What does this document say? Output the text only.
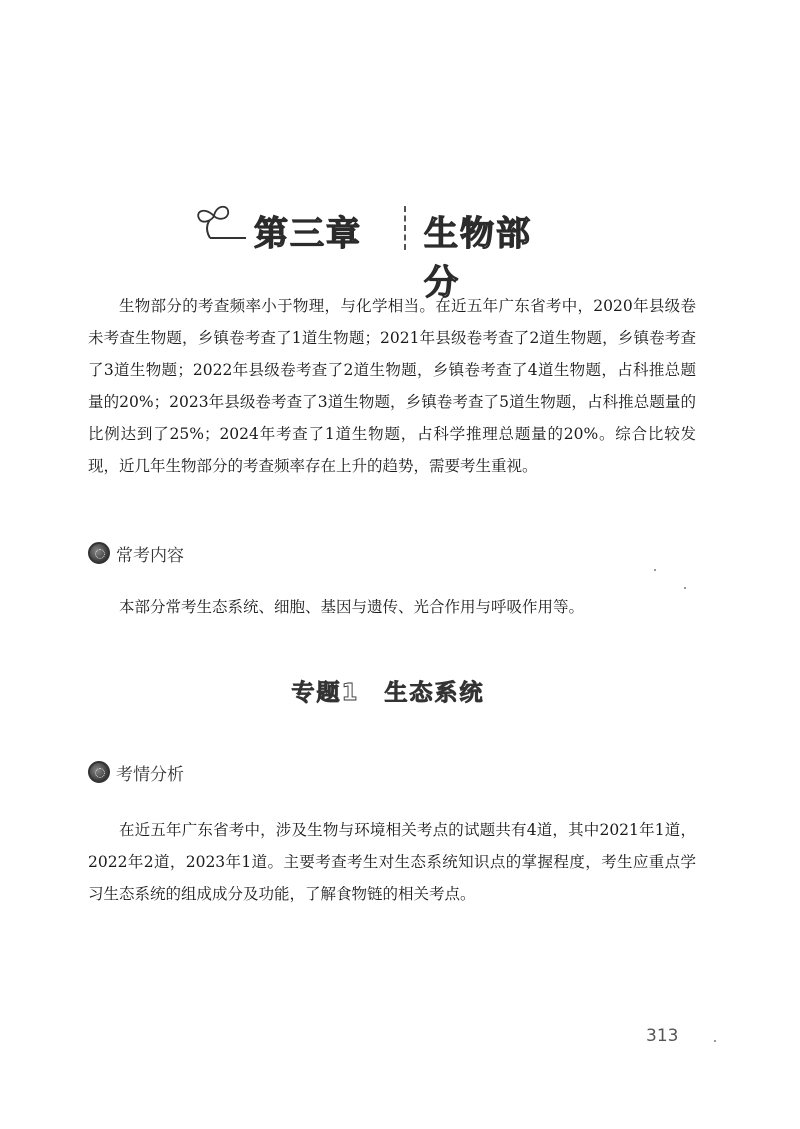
第三章 生物部分

生物部分的考查频率小于物理，与化学相当。在近五年广东省考中，2020年县级卷未考查生物题，乡镇卷考查了1道生物题；2021年县级卷考查了2道生物题，乡镇卷考查了3道生物题；2022年县级卷考查了2道生物题，乡镇卷考查了4道生物题，占科推总题量的20%；2023年县级卷考查了3道生物题，乡镇卷考查了5道生物题，占科推总题量的比例达到了25%；2024年考查了1道生物题，占科学推理总题量的20%。综合比较发现，近几年生物部分的考查频率存在上升的趋势，需要考生重视。

常考内容

本部分常考生态系统、细胞、基因与遗传、光合作用与呼吸作用等。

专题1　生态系统
考情分析

在近五年广东省考中，涉及生物与环境相关考点的试题共有4道，其中2021年1道，2022年2道，2023年1道。主要考查考生对生态系统知识点的掌握程度，考生应重点学习生态系统的组成成分及功能，了解食物链的相关考点。

313
